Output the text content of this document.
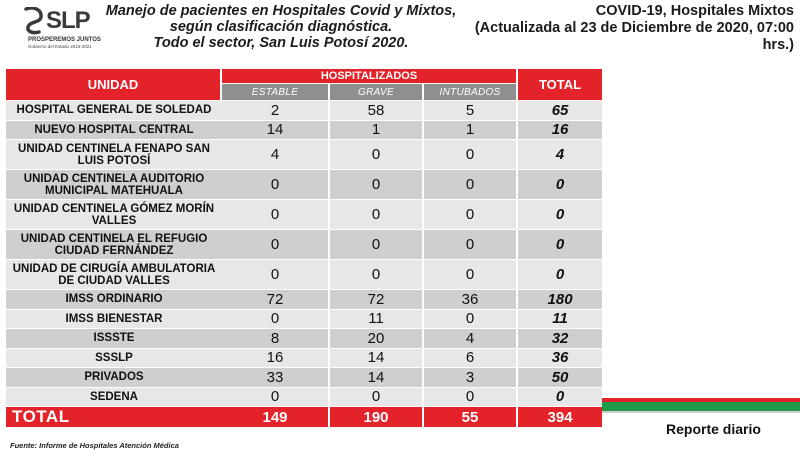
SLP
PROSPEREMOS JUNTOS
Gobierno del Estado 2015-2021
Manejo de pacientes en Hospitales Covid y Mixtos,
según clasificación diagnóstica.
Todo el sector, San Luis Potosí 2020.
COVID-19, Hospitales Mixtos
(Actualizada al 23 de Diciembre de 2020, 07:00 hrs.)
UNIDAD	HOSPITALIZADOS			TOTAL
	ESTABLE	GRAVE	INTUBADOS	
HOSPITAL GENERAL DE SOLEDAD	2	58	5	65
NUEVO HOSPITAL CENTRAL	14	1	1	16
UNIDAD CENTINELA FENAPO SAN LUIS POTOSÍ	4	0	0	4
UNIDAD CENTINELA AUDITORIO MUNICIPAL MATEHUALA	0	0	0	0
UNIDAD CENTINELA GÓMEZ MORÍN VALLES	0	0	0	0
UNIDAD CENTINELA EL REFUGIO CIUDAD FERNÁNDEZ	0	0	0	0
UNIDAD DE CIRUGÍA AMBULATORIA DE CIUDAD VALLES	0	0	0	0
IMSS ORDINARIO	72	72	36	180
IMSS BIENESTAR	0	11	0	11
ISSSTE	8	20	4	32
SSSLP	16	14	6	36
PRIVADOS	33	14	3	50
SEDENA	0	0	0	0
TOTAL	149	190	55	394
Reporte diario
Fuente: Informe de Hospitales Atención Médica
